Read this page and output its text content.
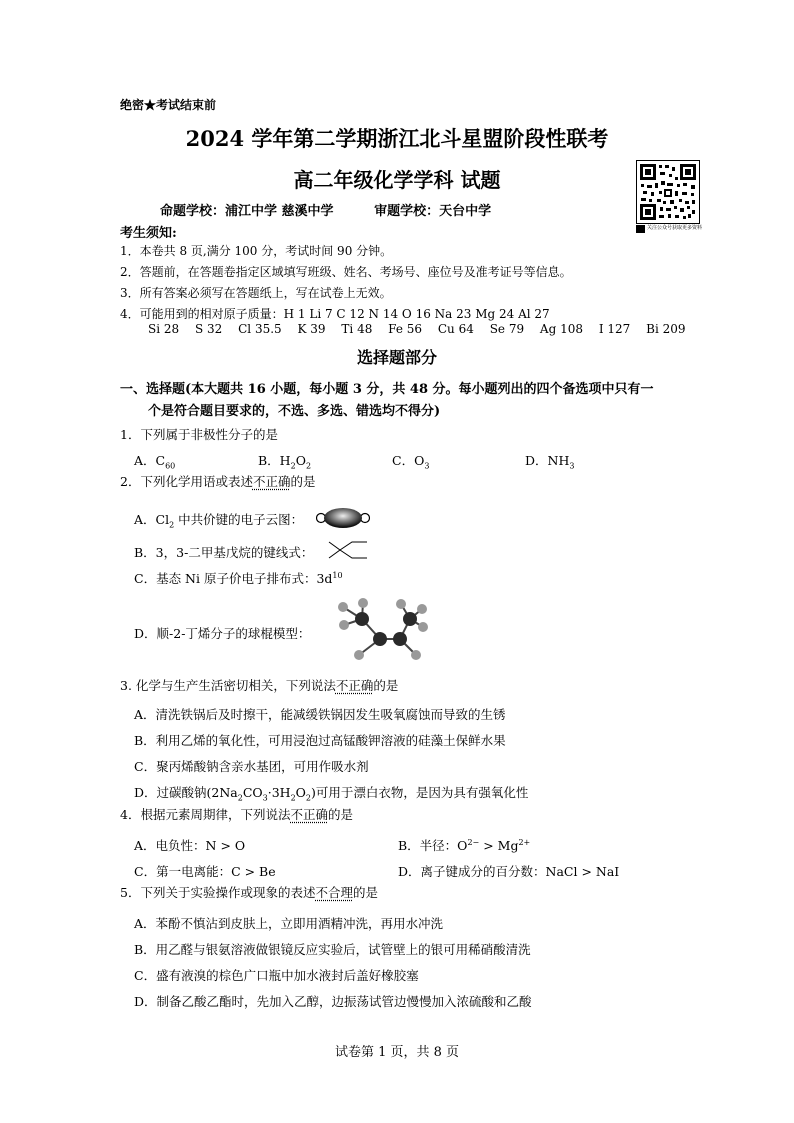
绝密★考试结束前
2024 学年第二学期浙江北斗星盟阶段性联考
高二年级化学学科 试题
命题学校：浦江中学 慈溪中学	审题学校：天台中学
关注公众号获取更多资料
考生须知:
1．本卷共 8 页,满分 100 分，考试时间 90 分钟。
2．答题前，在答题卷指定区域填写班级、姓名、考场号、座位号及准考证号等信息。
3．所有答案必须写在答题纸上，写在试卷上无效。
4．可能用到的相对原子质量：H 1 Li 7 C 12 N 14 O 16 Na 23 Mg 24 Al 27
Si 28 S 32 Cl 35.5 K 39 Ti 48 Fe 56 Cu 64 Se 79 Ag 108 I 127 Bi 209
选择题部分
一、选择题(本大题共 16 小题，每小题 3 分，共 48 分。每小题列出的四个备选项中只有一
个是符合题目要求的，不选、多选、错选均不得分)
1．下列属于非极性分子的是
A．$C_{60}$	B．$H_2O_2$	C．$O_3$	D．$NH_3$
2．下列化学用语或表述不正确的是
A．$Cl_2$ 中共价键的电子云图：
B．3，3-二甲基戊烷的键线式：
C．基态 Ni 原子价电子排布式：$3d^{10}$
D．顺-2-丁烯分子的球棍模型：
3. 化学与生产生活密切相关，下列说法不正确的是
A．清洗铁锅后及时擦干，能减缓铁锅因发生吸氧腐蚀而导致的生锈
B．利用乙烯的氧化性，可用浸泡过高锰酸钾溶液的硅藻土保鲜水果
C．聚丙烯酸钠含亲水基团，可用作吸水剂
D．过碳酸钠$(2Na_2CO_3\cdot 3H_2O_2)$可用于漂白衣物，是因为具有强氧化性
4．根据元素周期律，下列说法不正确的是
A．电负性：N > O	B．半径：$O^{2-} > Mg^{2+}$
C．第一电离能：C > Be	D．离子键成分的百分数：NaCl > NaI
5．下列关于实验操作或现象的表述不合理的是
A．苯酚不慎沾到皮肤上，立即用酒精冲洗，再用水冲洗
B．用乙醛与银氨溶液做银镜反应实验后，试管壁上的银可用稀硝酸清洗
C．盛有液溴的棕色广口瓶中加水液封后盖好橡胶塞
D．制备乙酸乙酯时，先加入乙醇，边振荡试管边慢慢加入浓硫酸和乙酸
试卷第 1 页，共 8 页
